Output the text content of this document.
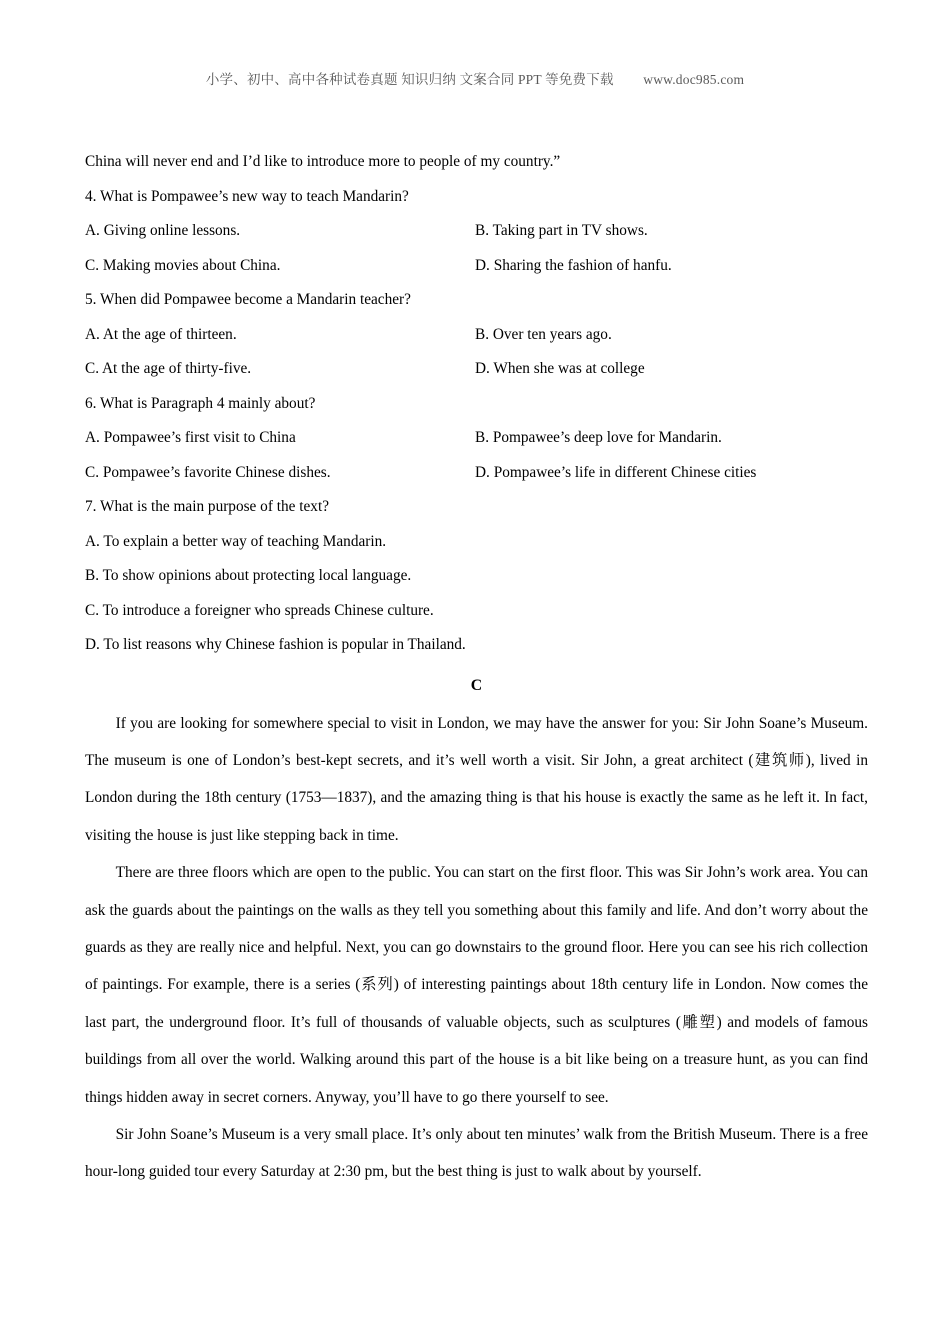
小学、初中、高中各种试卷真题 知识归纳 文案合同 PPT 等免费下载 www.doc985.com
China will never end and I’d like to introduce more to people of my country.”
4. What is Pompawee’s new way to teach Mandarin?
A. Giving online lessons.	B. Taking part in TV shows.
C. Making movies about China.	D. Sharing the fashion of hanfu.
5. When did Pompawee become a Mandarin teacher?
A. At the age of thirteen.	B. Over ten years ago.
C. At the age of thirty-five.	D. When she was at college
6. What is Paragraph 4 mainly about?
A. Pompawee’s first visit to China	B. Pompawee’s deep love for Mandarin.
C. Pompawee’s favorite Chinese dishes.	D. Pompawee’s life in different Chinese cities
7. What is the main purpose of the text?
A. To explain a better way of teaching Mandarin.
B. To show opinions about protecting local language.
C. To introduce a foreigner who spreads Chinese culture.
D. To list reasons why Chinese fashion is popular in Thailand.
C

If you are looking for somewhere special to visit in London, we may have the answer for you: Sir John Soane’s Museum. The museum is one of London’s best-kept secrets, and it’s well worth a visit. Sir John, a great architect (建筑师), lived in London during the 18th century (1753—1837), and the amazing thing is that his house is exactly the same as he left it. In fact, visiting the house is just like stepping back in time.

There are three floors which are open to the public. You can start on the first floor. This was Sir John’s work area. You can ask the guards about the paintings on the walls as they tell you something about this family and life. And don’t worry about the guards as they are really nice and helpful. Next, you can go downstairs to the ground floor. Here you can see his rich collection of paintings. For example, there is a series (系列) of interesting paintings about 18th century life in London. Now comes the last part, the underground floor. It’s full of thousands of valuable objects, such as sculptures (雕塑) and models of famous buildings from all over the world. Walking around this part of the house is a bit like being on a treasure hunt, as you can find things hidden away in secret corners. Anyway, you’ll have to go there yourself to see.

Sir John Soane’s Museum is a very small place. It’s only about ten minutes’ walk from the British Museum. There is a free hour-long guided tour every Saturday at 2:30 pm, but the best thing is just to walk about by yourself.
